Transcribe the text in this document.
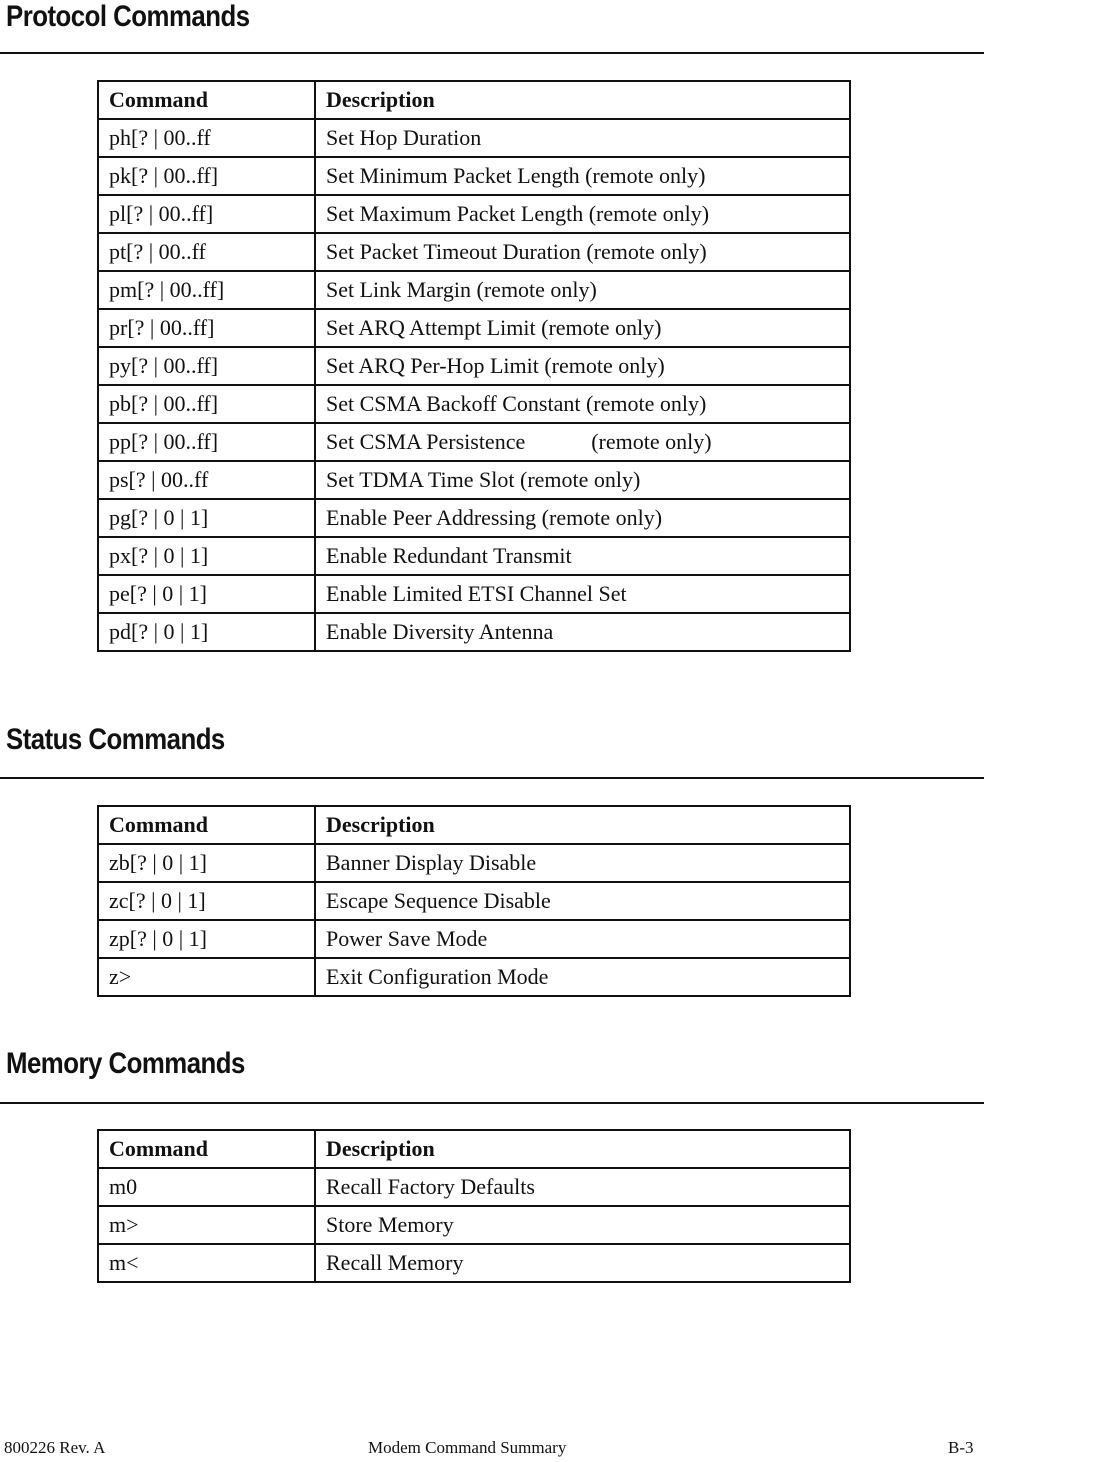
Protocol Commands
Command	Description
ph[? | 00..ff	Set Hop Duration
pk[? | 00..ff]	Set Minimum Packet Length (remote only)
pl[? | 00..ff]	Set Maximum Packet Length (remote only)
pt[? | 00..ff	Set Packet Timeout Duration (remote only)
pm[? | 00..ff]	Set Link Margin (remote only)
pr[? | 00..ff]	Set ARQ Attempt Limit (remote only)
py[? | 00..ff]	Set ARQ Per-Hop Limit (remote only)
pb[? | 00..ff]	Set CSMA Backoff Constant (remote only)
pp[? | 00..ff]	Set CSMA Persistence            (remote only)
ps[? | 00..ff	Set TDMA Time Slot (remote only)
pg[? | 0 | 1]	Enable Peer Addressing (remote only)
px[? | 0 | 1]	Enable Redundant Transmit
pe[? | 0 | 1]	Enable Limited ETSI Channel Set
pd[? | 0 | 1]	Enable Diversity Antenna
Status Commands
Command	Description
zb[? | 0 | 1]	Banner Display Disable
zc[? | 0 | 1]	Escape Sequence Disable
zp[? | 0 | 1]	Power Save Mode
z>	Exit Configuration Mode
Memory Commands
Command	Description
m0	Recall Factory Defaults
m>	Store Memory
m<	Recall Memory
800226 Rev. A	Modem Command Summary	B-3
